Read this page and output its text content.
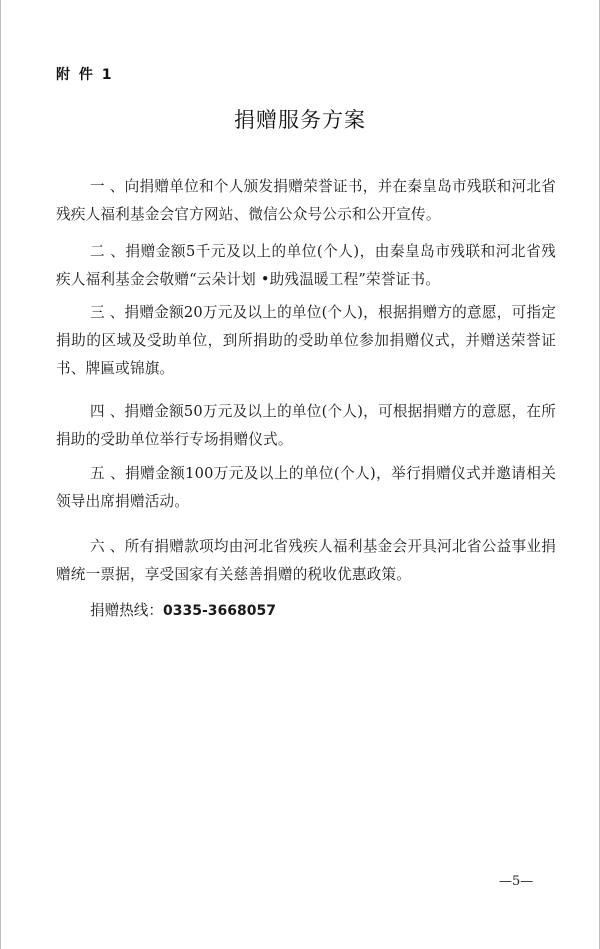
附 件 1
捐赠服务方案

一 、向捐赠单位和个人颁发捐赠荣誉证书，并在秦皇岛市残联和河北省残疾人福利基金会官方网站、微信公众号公示和公开宣传。

二 、捐赠金额5千元及以上的单位(个人)，由秦皇岛市残联和河北省残疾人福利基金会敬赠“云朵计划 •助残温暖工程”荣誉证书。

三 、捐赠金额20万元及以上的单位(个人)，根据捐赠方的意愿，可指定捐助的区域及受助单位，到所捐助的受助单位参加捐赠仪式，并赠送荣誉证书、牌匾或锦旗。

四 、捐赠金额50万元及以上的单位(个人)，可根据捐赠方的意愿，在所捐助的受助单位举行专场捐赠仪式。

五 、捐赠金额100万元及以上的单位(个人)，举行捐赠仪式并邀请相关领导出席捐赠活动。

六 、所有捐赠款项均由河北省残疾人福利基金会开具河北省公益事业捐赠统一票据，享受国家有关慈善捐赠的税收优惠政策。

捐赠热线：0335-3668057
—5—
